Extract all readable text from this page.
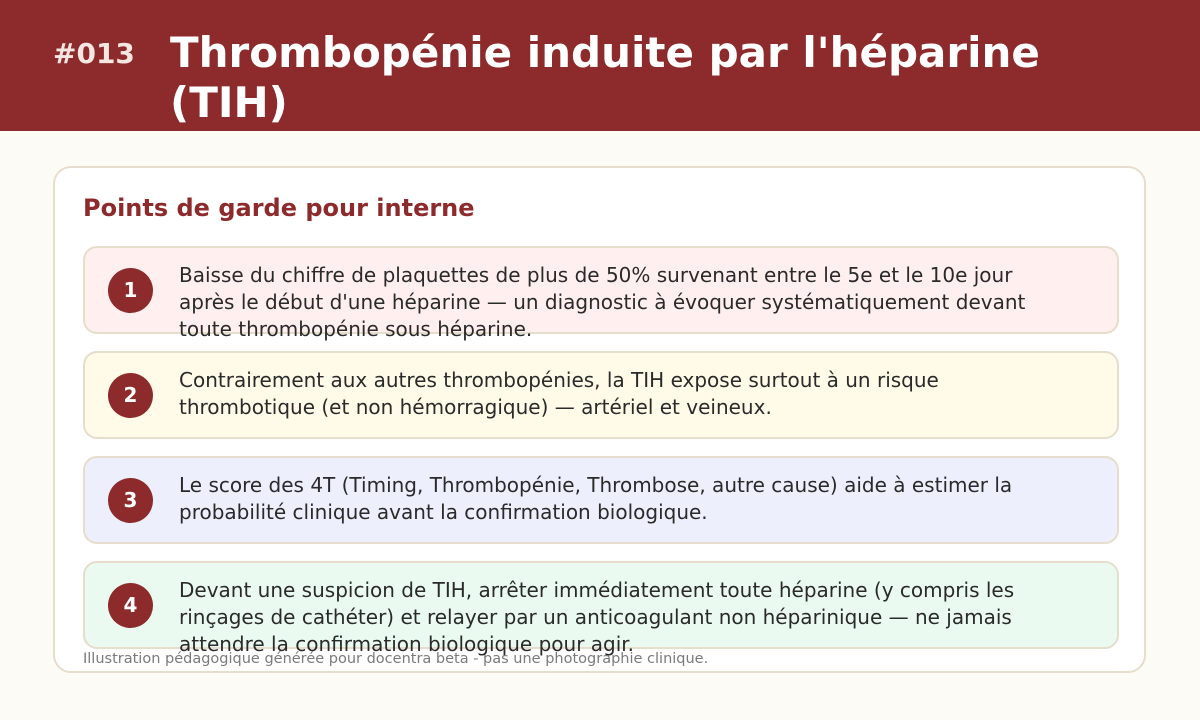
#013 Thrombopénie induite par l'héparine (TIH)
Points de garde pour interne
1
Baisse du chiffre de plaquettes de plus de 50% survenant entre le 5e et le 10e jour après le début d'une héparine — un diagnostic à évoquer systématiquement devant toute thrombopénie sous héparine.
2
Contrairement aux autres thrombopénies, la TIH expose surtout à un risque thrombotique (et non hémorragique) — artériel et veineux.
3
Le score des 4T (Timing, Thrombopénie, Thrombose, autre cause) aide à estimer la probabilité clinique avant la confirmation biologique.
4
Devant une suspicion de TIH, arrêter immédiatement toute héparine (y compris les rinçages de cathéter) et relayer par un anticoagulant non héparinique — ne jamais attendre la confirmation biologique pour agir.
Illustration pédagogique générée pour docentra beta - pas une photographie clinique.
